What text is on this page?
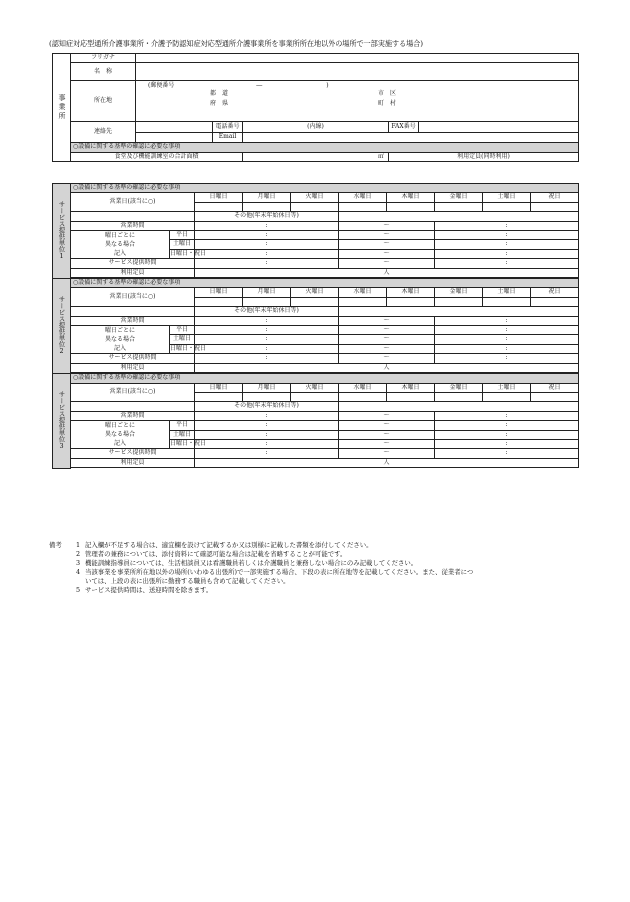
(認知症対応型通所介護事業所・介護予防認知症対応型通所介護事業所を事業所所在地以外の場所で一部実施する場合)
事業所	フリガナ						
	名　称						
	所在地	(郵便番号 ― )					
		都　道 市　区					
		府　県 町　村					
	連絡先		電話番号	(内線)	FAX番号		
			Email				
	○設備に関する基準の確認に必要な事項						
	食堂及び機能訓練室の合計面積			㎡	利用定員(同時利用)	
サービス提供単位1	○設備に関する基準の確認に必要な事項									
	営業日(該当に○)		日曜日	月曜日	火曜日	水曜日	木曜日	金曜日	土曜日	祝日

			その他(年末年始休日等)							
	営業時間		:			～		:		
	曜日ごとに
異なる場合
記入	平日	:			～		:		
		土曜日	:			～		:		
		日曜日・祝日	:			～		:		
	サービス提供時間		:			～		:		
	利用定員		人							

サービス提供単位2	○設備に関する基準の確認に必要な事項									
	営業日(該当に○)		日曜日	月曜日	火曜日	水曜日	木曜日	金曜日	土曜日	祝日

			その他(年末年始休日等)							
	営業時間		:			～		:		
	曜日ごとに
異なる場合
記入	平日	:			～		:		
		土曜日	:			～		:		
		日曜日・祝日	:			～		:		
	サービス提供時間		:			～		:		
	利用定員		人							

サービス提供単位3	○設備に関する基準の確認に必要な事項									
	営業日(該当に○)		日曜日	月曜日	火曜日	水曜日	木曜日	金曜日	土曜日	祝日

			その他(年末年始休日等)							
	営業時間		:			～		:		
	曜日ごとに
異なる場合
記入	平日	:			～		:		
		土曜日	:			～		:		
		日曜日・祝日	:			～		:		
	サービス提供時間		:			～		:		
	利用定員		人							

備考	1 記入欄が不足する場合は、適宜欄を設けて記載するか又は別様に記載した書類を添付してください。
2 管理者の兼務については、添付資料にて確認可能な場合は記載を省略することが可能です。
3 機能訓練指導員については、生活相談員又は看護職員若しくは介護職員と兼務しない場合にのみ記載してください。
4 当該事業を事業所所在地以外の場所(いわゆる出張所)で一部実施する場合、下段の表に所在地等を記載してください。また、従業者につ
いては、上段の表に出張所に勤務する職員も含めて記載してください。
5 サービス提供時間は、送迎時間を除きます。
